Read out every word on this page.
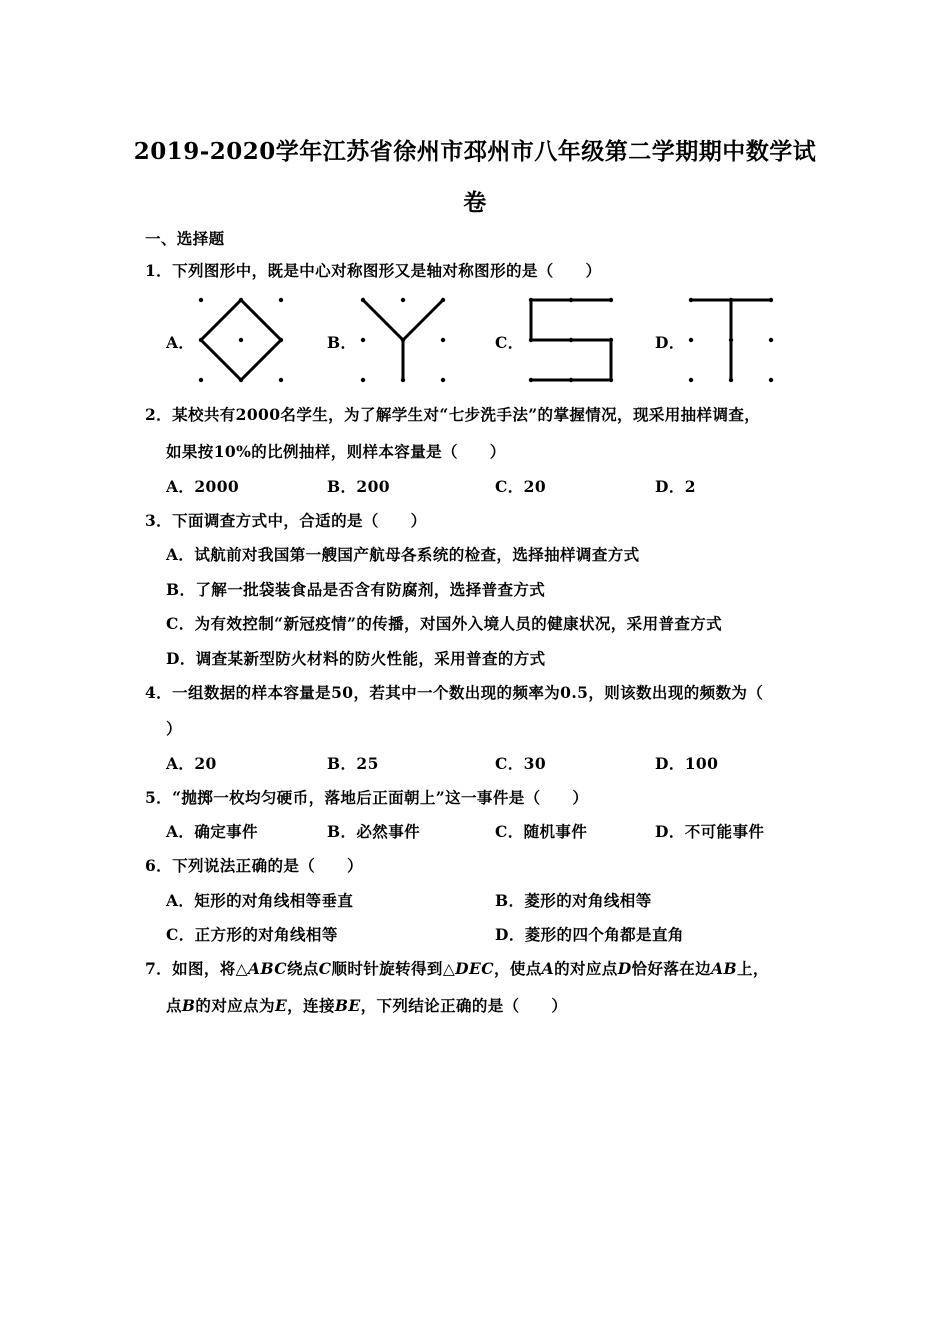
2019-2020学年江苏省徐州市邳州市八年级第二学期期中数学试
卷
一、选择题
1．下列图形中，既是中心对称图形又是轴对称图形的是（　　）
A．	B．	C．	D．
2．某校共有2000名学生，为了解学生对“七步洗手法”的掌握情况，现采用抽样调查，
如果按10%的比例抽样，则样本容量是（　　）
A．2000	B．200	C．20	D．2
3．下面调查方式中，合适的是（　　）
A．试航前对我国第一艘国产航母各系统的检查，选择抽样调查方式
B．了解一批袋装食品是否含有防腐剂，选择普查方式
C．为有效控制“新冠疫情”的传播，对国外入境人员的健康状况，采用普查方式
D．调查某新型防火材料的防火性能，采用普查的方式
4．一组数据的样本容量是50，若其中一个数出现的频率为0.5，则该数出现的频数为（
）
A．20	B．25	C．30	D．100
5．“抛掷一枚均匀硬币，落地后正面朝上”这一事件是（　　）
A．确定事件	B．必然事件	C．随机事件	D．不可能事件
6．下列说法正确的是（　　）
A．矩形的对角线相等垂直	B．菱形的对角线相等
C．正方形的对角线相等	D．菱形的四个角都是直角
7．如图，将△ABC绕点C顺时针旋转得到△DEC，使点A的对应点D恰好落在边AB上，
点B的对应点为E，连接BE，下列结论正确的是（　　）
